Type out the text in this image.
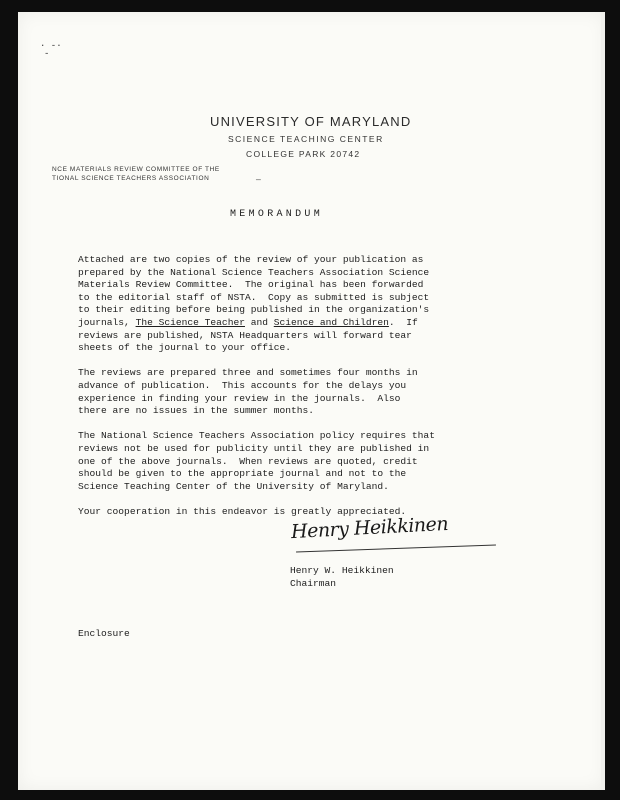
· -·
-
UNIVERSITY OF MARYLAND
SCIENCE TEACHING CENTER
COLLEGE PARK 20742
NCE MATERIALS REVIEW COMMITTEE OF THE
TIONAL SCIENCE TEACHERS ASSOCIATION	—
MEMORANDUM

Attached are two copies of the review of your publication as
prepared by the National Science Teachers Association Science
Materials Review Committee.  The original has been forwarded
to the editorial staff of NSTA.  Copy as submitted is subject
to their editing before being published in the organization's
journals, The Science Teacher and Science and Children.  If
reviews are published, NSTA Headquarters will forward tear
sheets of the journal to your office.

The reviews are prepared three and sometimes four months in
advance of publication.  This accounts for the delays you
experience in finding your review in the journals.  Also
there are no issues in the summer months.

The National Science Teachers Association policy requires that
reviews not be used for publicity until they are published in
one of the above journals.  When reviews are quoted, credit
should be given to the appropriate journal and not to the
Science Teaching Center of the University of Maryland.

Your cooperation in this endeavor is greatly appreciated.

Henry Heikkinen
Henry W. Heikkinen
Chairman
Enclosure
